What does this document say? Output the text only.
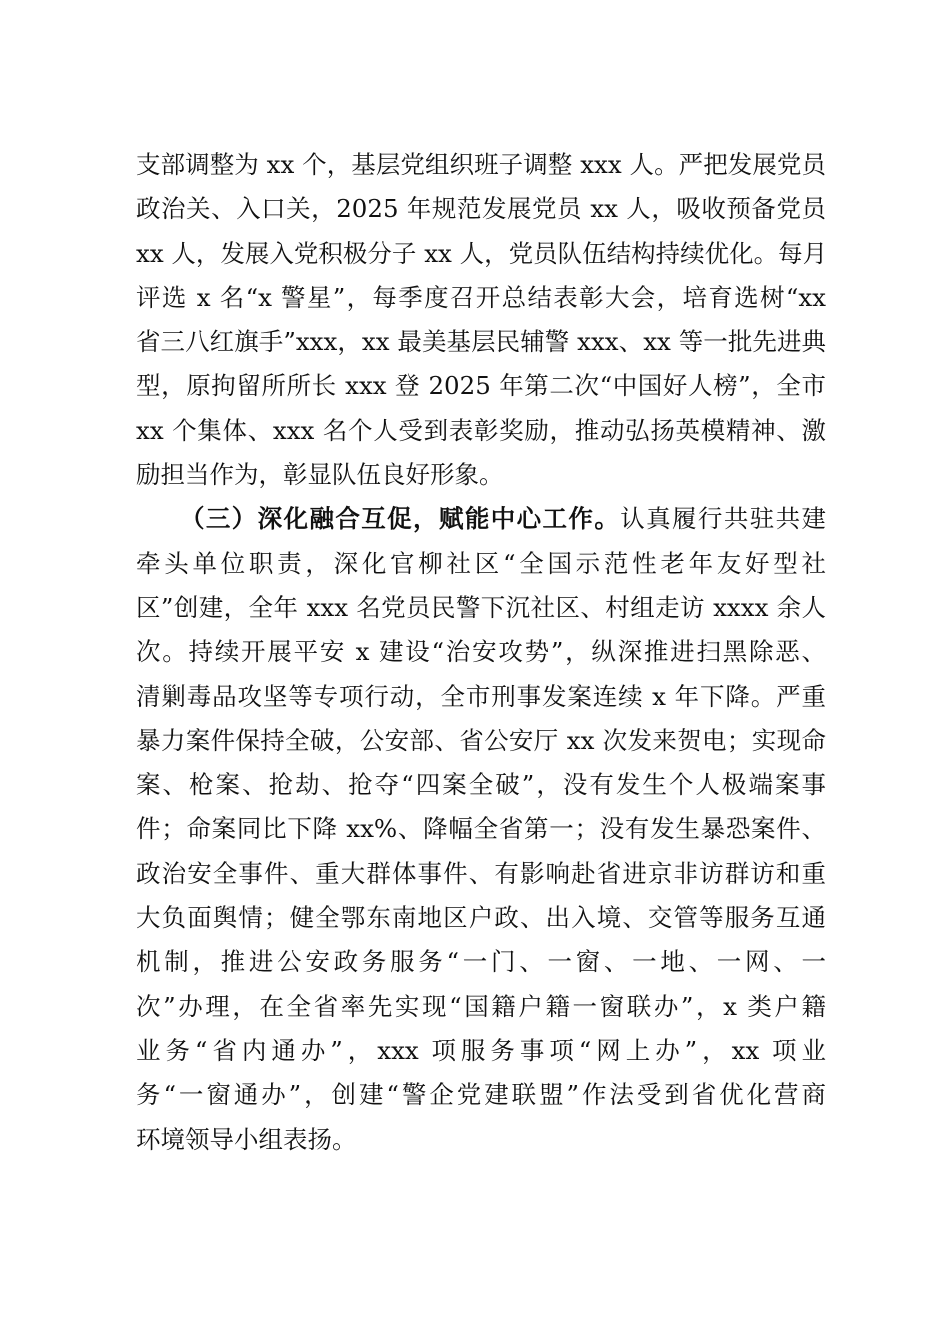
支部调整为 xx 个，基层党组织班子调整 xxx 人。严把发展党员
政治关、入口关，2025 年规范发展党员 xx 人，吸收预备党员
xx 人，发展入党积极分子 xx 人，党员队伍结构持续优化。每月
评选 x 名“x 警星”，每季度召开总结表彰大会，培育选树“xx
省三八红旗手”xxx，xx 最美基层民辅警 xxx、xx 等一批先进典
型，原拘留所所长 xxx 登 2025 年第二次“中国好人榜”，全市
xx 个集体、xxx 名个人受到表彰奖励，推动弘扬英模精神、激
励担当作为，彰显队伍良好形象。
（三）深化融合互促，赋能中心工作。认真履行共驻共建
牵头单位职责，深化官柳社区“全国示范性老年友好型社
区”创建，全年 xxx 名党员民警下沉社区、村组走访 xxxx 余人
次。持续开展平安 x 建设“治安攻势”，纵深推进扫黑除恶、
清剿毒品攻坚等专项行动，全市刑事发案连续 x 年下降。严重
暴力案件保持全破，公安部、省公安厅 xx 次发来贺电；实现命
案、枪案、抢劫、抢夺“四案全破”，没有发生个人极端案事
件；命案同比下降 xx%、降幅全省第一；没有发生暴恐案件、
政治安全事件、重大群体事件、有影响赴省进京非访群访和重
大负面舆情；健全鄂东南地区户政、出入境、交管等服务互通
机制，推进公安政务服务“一门、一窗、一地、一网、一
次”办理，在全省率先实现“国籍户籍一窗联办”，x 类户籍
业务“省内通办”，xxx 项服务事项“网上办”，xx 项业
务“一窗通办”，创建“警企党建联盟”作法受到省优化营商
环境领导小组表扬。
